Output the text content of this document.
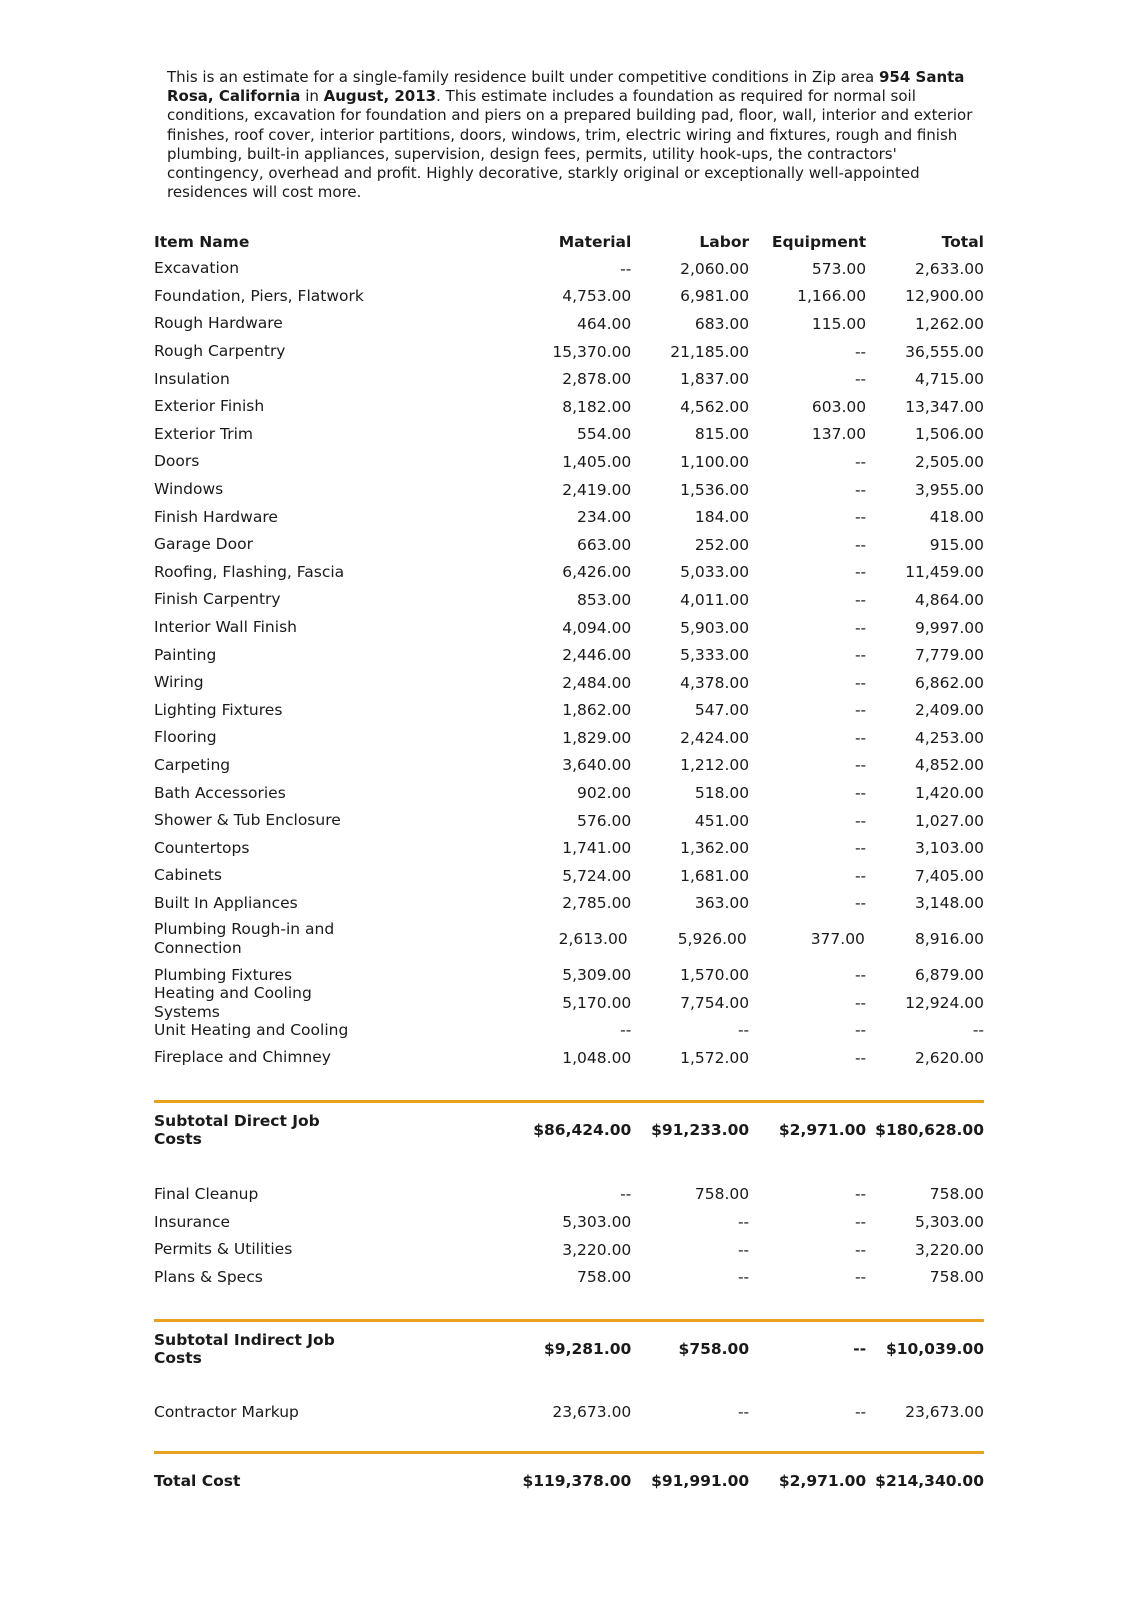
This is an estimate for a single-family residence built under competitive conditions in Zip area 954 Santa Rosa, California in August, 2013. This estimate includes a foundation as required for normal soil conditions, excavation for foundation and piers on a prepared building pad, floor, wall, interior and exterior finishes, roof cover, interior partitions, doors, windows, trim, electric wiring and fixtures, rough and finish plumbing, built-in appliances, supervision, design fees, permits, utility hook-ups, the contractors' contingency, overhead and profit. Highly decorative, starkly original or exceptionally well-appointed residences will cost more.

Item Name	Material	Labor	Equipment	Total
Excavation	--	2,060.00	573.00	2,633.00
Foundation, Piers, Flatwork	4,753.00	6,981.00	1,166.00	12,900.00
Rough Hardware	464.00	683.00	115.00	1,262.00
Rough Carpentry	15,370.00	21,185.00	--	36,555.00
Insulation	2,878.00	1,837.00	--	4,715.00
Exterior Finish	8,182.00	4,562.00	603.00	13,347.00
Exterior Trim	554.00	815.00	137.00	1,506.00
Doors	1,405.00	1,100.00	--	2,505.00
Windows	2,419.00	1,536.00	--	3,955.00
Finish Hardware	234.00	184.00	--	418.00
Garage Door	663.00	252.00	--	915.00
Roofing, Flashing, Fascia	6,426.00	5,033.00	--	11,459.00
Finish Carpentry	853.00	4,011.00	--	4,864.00
Interior Wall Finish	4,094.00	5,903.00	--	9,997.00
Painting	2,446.00	5,333.00	--	7,779.00
Wiring	2,484.00	4,378.00	--	6,862.00
Lighting Fixtures	1,862.00	547.00	--	2,409.00
Flooring	1,829.00	2,424.00	--	4,253.00
Carpeting	3,640.00	1,212.00	--	4,852.00
Bath Accessories	902.00	518.00	--	1,420.00
Shower & Tub Enclosure	576.00	451.00	--	1,027.00
Countertops	1,741.00	1,362.00	--	3,103.00
Cabinets	5,724.00	1,681.00	--	7,405.00
Built In Appliances	2,785.00	363.00	--	3,148.00
Plumbing Rough-in and Connection	2,613.00	5,926.00	377.00	8,916.00
Plumbing Fixtures	5,309.00	1,570.00	--	6,879.00
Heating and Cooling Systems	5,170.00	7,754.00	--	12,924.00
Unit Heating and Cooling	--	--	--	--
Fireplace and Chimney	1,048.00	1,572.00	--	2,620.00
Subtotal Direct Job Costs	$86,424.00	$91,233.00	$2,971.00 $180,628.00
Final Cleanup	--	758.00	--	758.00
Insurance	5,303.00	--	--	5,303.00
Permits & Utilities	3,220.00	--	--	3,220.00
Plans & Specs	758.00	--	--	758.00
Subtotal Indirect Job Costs	$9,281.00	$758.00	--	$10,039.00
Contractor Markup	23,673.00	--	--	23,673.00
Total Cost	$119,378.00	$91,991.00	$2,971.00 $214,340.00
